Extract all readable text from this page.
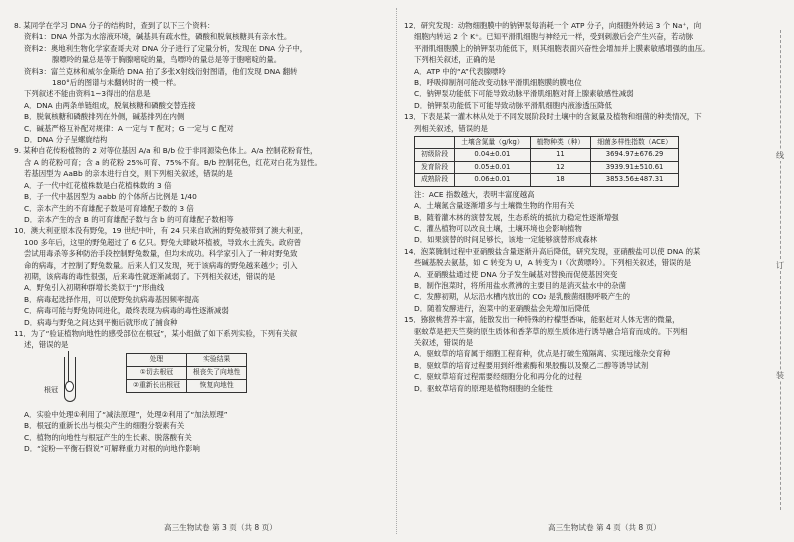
8. 某同学在学习 DNA 分子的结构时，查到了以下三个资料：

资料1：DNA 外部为水溶液环境，碱基具有疏水性，磷酸和脱氧核糖具有亲水性。

资料2：奥地利生物化学家查哥夫对 DNA 分子进行了定量分析，发现在 DNA 分子中，

腺嘌呤的量总是等于胸腺嘧啶的量，鸟嘌呤的量总是等于胞嘧啶的量。

资料3：富兰克林和威尔金斯给 DNA 拍了多张X射线衍射图谱，他们发现 DNA 翻转

180°后的图谱与未翻转时的一模一样。

下列叙述不能由资料1~3得出的信息是

A．DNA 由两条单链组成，脱氧核糖和磷酸交替连接

B．脱氧核糖和磷酸排列在外侧，碱基排列在内侧

C．碱基严格互补配对规律：A 一定与 T 配对；G 一定与 C 配对

D．DNA 分子呈螺旋结构

9. 某种自花传粉植物的 2 对等位基因 A/a 和 B/b 位于非同源染色体上。A/a 控制花粉育性，

含 A 的花粉可育；含 a 的花粉 25%可育、75%不育。B/b 控制花色，红花对白花为显性。

若基因型为 AaBb 的亲本进行自交，则下列相关叙述，错误的是

A．子一代中红花植株数是白花植株数的 3 倍

B．子一代中基因型为 aabb 的个体所占比例是 1/40

C．亲本产生的不育雄配子数是可育雄配子数的 3 倍

D．亲本产生的含 B 的可育雄配子数与含 b 的可育雄配子数相等

10．澳大利亚原本没有野兔，19 世纪中叶，有 24 只来自欧洲的野兔被带到了澳大利亚，

100 多年后，这里的野兔超过了 6 亿只。野兔大肆破坏植被，导致水土流失。政府曾

尝试用毒杀等多种防治手段控制野兔数量，但均未成功。科学家引入了一种对野兔致

命的病毒，才控制了野兔数量。后来人们又发现，死于该病毒的野兔越来越少；引入

初期，该病毒的毒性很强，后来毒性就逐渐减弱了。下列相关叙述，错误的是

A．野兔引入初期种群增长类似于“J”形曲线

B．病毒起选择作用，可以使野兔抗病毒基因频率提高

C．病毒可能与野兔协同进化，最终表现为病毒的毒性逐渐减弱

D．病毒与野兔之间达到平衡后就形成了捕食种

11．为了“验证植物向地性的感受部位在根冠”，某小组做了如下系列实验，下列有关叙

述，错误的是

根冠
处理	实验结果
①切去根冠	根丧失了向地性
②重新长出根冠	恢复向地性

A．实验中处理①利用了“减法原理”，处理②利用了“加法原理”

B．根冠的重新长出与根尖产生的细胞分裂素有关

C．植物的向地性与根冠产生的生长素、脱落酸有关

D．“淀粉—平衡石假说”可解释重力对根的向地作影响

12．研究发现：动物细胞膜中的钠钾泵每消耗一个 ATP 分子，向细胞外转运 3 个 Na⁺，向

细胞内转运 2 个 K⁺。已知平滑肌细胞与神经元一样，受到刺激后会产生兴奋，若动脉

平滑肌细胞膜上的钠钾泵功能低下，则其细胞表面兴奋性会增加并上膜素敏感增强的血压。

下列相关叙述，正确的是

A．ATP 中的“A”代表腺嘌呤

B．呼吸抑制剂可能改变动脉平滑肌细胞膜的膜电位

C．钠钾泵功能低下可能导致动脉平滑肌细胞对肾上腺素敏感性减弱

D．钠钾泵功能低下可能导致动脉平滑肌细胞内液渗透压降低

13．下表是某一灌木林从处于不同发展阶段时土壤中的含氮量及植物和细菌的种类情况，下

列相关叙述，错误的是

	土壤含氮量（g/kg）	植物种类（种）	细菌多样性指数（ACE）
初级阶段	0.04±0.01	11	3694.97±676.29
发育阶段	0.05±0.01	12	3939.91±510.61
成熟阶段	0.06±0.01	18	3853.56±487.31

注：ACE 指数越大，表明丰富度越高

A．土壤氮含量逐渐增多与土壤微生物的作用有关

B．随着灌木林的演替发展，生态系统的抵抗力稳定性逐渐增强

C．灌丛植物可以改良土壤，土壤环境也会影响植物

D．如果演替的时间足够长，该地一定能够演替形成森林

14．泡菜腌制过程中亚硝酸盐含量逐渐升高后降低，研究发现，亚硝酸盐可以使 DNA 的某

些碱基脱去氨基，如 C 转变为 U，A 转变为 I（次黄嘌呤）。下列相关叙述，错误的是

A．亚硝酸盐通过使 DNA 分子发生碱基对替换而促使基因突变

B．制作泡菜时，将所用盐水煮沸的主要目的是消灭盐水中的杂菌

C．发酵初期，从坛沿水槽内放出的 CO₂ 是乳酸菌细胞呼吸产生的

D．随着发酵进行，泡菜中的亚硝酸盐会先增加后降低

15．猕猴桃营养丰富，能散发出一种特殊的柠檬型香味，能驱赶对人体无害的微量，

驱蚊草是把天竺葵的原生质体和香茅草的原生质体进行诱导融合培育而成的。下列相

关叙述，错误的是

A．驱蚊草的培育属于细胞工程育种，优点是打破生殖隔离、实现远缘杂交育种

B．驱蚊草的培育过程要用到纤维素酶和果胶酶以及聚乙二醇等诱导试剂

C．驱蚊草培育过程需要经细胞分化和再分化的过程

D．驱蚊草培育的原理是植物细胞的全能性

高三生物试卷 第 3 页（共 8 页）	高三生物试卷 第 4 页（共 8 页）
线
订
装
